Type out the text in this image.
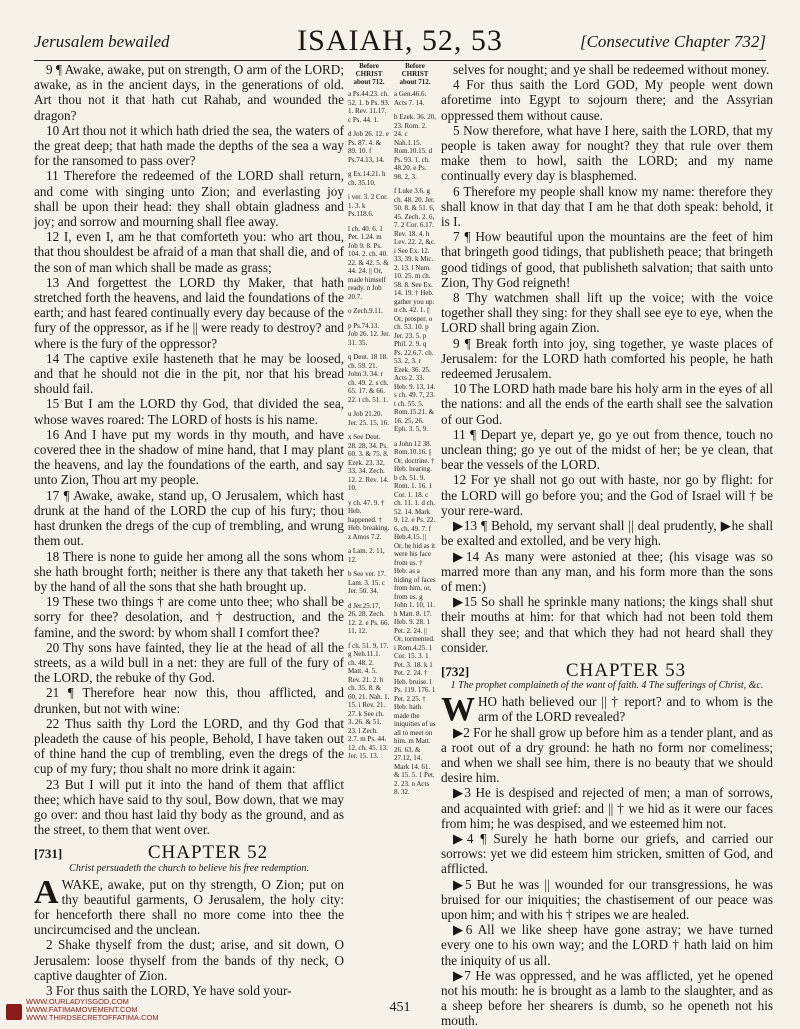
Jerusalem bewailed	ISAIAH, 52, 53	[Consecutive Chapter 732]

9 ¶ Awake, awake, put on strength, O arm of the LORD; awake, as in the ancient days, in the generations of old. Art thou not it that hath cut Rahab, and wounded the dragon?

10 Art thou not it which hath dried the sea, the waters of the great deep; that hath made the depths of the sea a way for the ransomed to pass over?

11 Therefore the redeemed of the LORD shall return, and come with singing unto Zion; and everlasting joy shall be upon their head: they shall obtain gladness and joy; and sorrow and mourning shall flee away.

12 I, even I, am he that comforteth you: who art thou, that thou shouldest be afraid of a man that shall die, and of the son of man which shall be made as grass;

13 And forgettest the LORD thy Maker, that hath stretched forth the heavens, and laid the foundations of the earth; and hast feared continually every day because of the fury of the oppressor, as if he || were ready to destroy? and where is the fury of the oppressor?

14 The captive exile hasteneth that he may be loosed, and that he should not die in the pit, nor that his bread should fail.

15 But I am the LORD thy God, that divided the sea, whose waves roared: The LORD of hosts is his name.

16 And I have put my words in thy mouth, and have covered thee in the shadow of mine hand, that I may plant the heavens, and lay the foundations of the earth, and say unto Zion, Thou art my people.

17 ¶ Awake, awake, stand up, O Jerusalem, which hast drunk at the hand of the LORD the cup of his fury; thou hast drunken the dregs of the cup of trembling, and wrung them out.

18 There is none to guide her among all the sons whom she hath brought forth; neither is there any that taketh her by the hand of all the sons that she hath brought up.

19 These two things † are come unto thee; who shall be sorry for thee? desolation, and † destruction, and the famine, and the sword: by whom shall I comfort thee?

20 Thy sons have fainted, they lie at the head of all the streets, as a wild bull in a net: they are full of the fury of the LORD, the rebuke of thy God.

21 ¶ Therefore hear now this, thou afflicted, and drunken, but not with wine:

22 Thus saith thy Lord the LORD, and thy God that pleadeth the cause of his people, Behold, I have taken out of thine hand the cup of trembling, even the dregs of the cup of my fury; thou shalt no more drink it again:

23 But I will put it into the hand of them that afflict thee; which have said to thy soul, Bow down, that we may go over: and thou hast laid thy body as the ground, and as the street, to them that went over.

[731]	CHAPTER 52

Christ persuadeth the church to believe his free redemption.

AWAKE, awake, put on thy strength, O Zion; put on thy beautiful garments, O Jerusalem, the holy city: for henceforth there shall no more come into thee the uncircumcised and the unclean.

2 Shake thyself from the dust; arise, and sit down, O Jerusalem: loose thyself from the bands of thy neck, O captive daughter of Zion.

3 For thus saith the LORD, Ye have sold your-

Before
CHRIST
about 712.

a Ps.44.23. ch. 52. 1. b Ps. 93. 1. Rev. 11.17. c Ps. 44. 1.

d Job 26. 12. e Ps. 87. 4. & 89. 10. f Ps.74.13, 14.

g Ex.14.21. h ch. 35.10.

i ver. 3. 2 Cor. 1. 3. k Ps.118.6.

l ch. 40. 6. 1 Pet. 1.24. m Job 9. 8. Ps. 104. 2. ch. 40. 22. & 42. 5. & 44. 24. || Or, made himself ready. n Job 20.7.

o Zech.9.11.

p Ps.74.13. Job 26. 12. Jer. 31. 35.

q Deut. 18 18. ch. 59. 21. John 3. 34. r ch. 49. 2. s ch. 65. 17. & 66. 22. t ch. 51. 1.

u Job 21.20. Jer. 25. 15, 16.

x See Deut. 28. 28, 34. Ps. 60. 3. & 75. 8. Ezek. 23. 32, 33, 34. Zech. 12. 2. Rev. 14. 10.

y ch. 47. 9. † Heb. happened. † Heb. breaking. z Amos 7.2.

a Lam. 2. 11, 12.

b See ver. 17. Lam. 3. 15. c Jer. 50. 34.

d Jer.25.17, 26, 28. Zech. 12. 2. e Ps. 66. 11, 12.

f ch. 51. 9, 17. g Neh.11.1. ch. 48. 2. Matt. 4. 5. Rev. 21. 2. h ch. 35. 8. & 60. 21. Nah. 1. 15. i Rev. 21. 27. k See ch. 3. 26. & 51. 23. l Zech. 2.7. m Ps. 44. 12. ch. 45. 13. Jer. 15. 13.

Before
CHRIST
about 712.

a Gen.46.6. Acts 7. 14.

b Ezek. 36. 20, 23. Rom. 2. 24. c Nah.1.15. Rom.10.15. d Ps. 93. 1. ch. 48.20. e Ps. 98. 2, 3.

f Luke 3.6. g ch. 48. 20. Jer. 50. 8. & 51. 6, 45. Zech. 2. 6, 7. 2 Cor. 6.17. Rev. 18. 4. h Lev. 22. 2, &c. i See Ex. 12. 33, 39. k Mic. 2. 13. l Num. 10. 25. m ch. 58. 8. See Ex. 14. 19. † Heb. gather you up. n ch. 42. 1. || Or, prosper. o ch. 53. 10. p Jer. 23. 5. p Phil. 2. 9. q Ps. 22.6,7. ch. 53. 2, 3. r Ezek. 36. 25. Acts 2. 33. Heb. 9. 13, 14. s ch. 49. 7, 23. t ch. 55. 5. Rom.15.21. & 16. 25, 26. Eph. 3. 5, 9.

a John 12 38. Rom.10.16. || Or, doctrine. † Heb. hearing. b ch. 51. 9. Rom. 1. 16. 1 Cor. 1. 18. c ch. 11. 1. d ch. 52. 14. Mark 9. 12. e Ps. 22. 6. ch. 49. 7. f Heb.4.15. || Or, he hid as it were his face from us. † Heb. as a hiding of faces from him, or, from us. g John 1. 10, 11. h Matt. 8. 17. Heb. 9. 28. 1 Pet. 2. 24. || Or, tormented. i Rom.4.25. 1 Cor. 15. 3. 1 Pet. 3. 18. k 1 Pet. 2. 24. † Heb. bruise. l Ps. 119. 176. 1 Pet. 2.25. † Heb. hath made the iniquities of us all to meet on him. m Matt. 26. 63. & 27.12, 14. Mark 14. 61. & 15. 5. 1 Pet. 2. 23. n Acts 8. 32.

selves for nought; and ye shall be redeemed without money.

4 For thus saith the Lord GOD, My people went down aforetime into Egypt to sojourn there; and the Assyrian oppressed them without cause.

5 Now therefore, what have I here, saith the LORD, that my people is taken away for nought? they that rule over them make them to howl, saith the LORD; and my name continually every day is blasphemed.

6 Therefore my people shall know my name: therefore they shall know in that day that I am he that doth speak: behold, it is I.

7 ¶ How beautiful upon the mountains are the feet of him that bringeth good tidings, that publisheth peace; that bringeth good tidings of good, that publisheth salvation; that saith unto Zion, Thy God reigneth!

8 Thy watchmen shall lift up the voice; with the voice together shall they sing: for they shall see eye to eye, when the LORD shall bring again Zion.

9 ¶ Break forth into joy, sing together, ye waste places of Jerusalem: for the LORD hath comforted his people, he hath redeemed Jerusalem.

10 The LORD hath made bare his holy arm in the eyes of all the nations: and all the ends of the earth shall see the salvation of our God.

11 ¶ Depart ye, depart ye, go ye out from thence, touch no unclean thing; go ye out of the midst of her; be ye clean, that bear the vessels of the LORD.

12 For ye shall not go out with haste, nor go by flight: for the LORD will go before you; and the God of Israel will † be your rere-ward.

▶13 ¶ Behold, my servant shall || deal prudently, ▶he shall be exalted and extolled, and be very high.

▶14 As many were astonied at thee; (his visage was so marred more than any man, and his form more than the sons of men:)

▶15 So shall he sprinkle many nations; the kings shall shut their mouths at him: for that which had not been told them shall they see; and that which they had not heard shall they consider.

[732]	CHAPTER 53

1 The prophet complaineth of the want of faith. 4 The sufferings of Christ, &c.

WHO hath believed our || † report? and to whom is the arm of the LORD revealed?

▶2 For he shall grow up before him as a tender plant, and as a root out of a dry ground: he hath no form nor comeliness; and when we shall see him, there is no beauty that we should desire him.

▶3 He is despised and rejected of men; a man of sorrows, and acquainted with grief: and || † we hid as it were our faces from him; he was despised, and we esteemed him not.

▶4 ¶ Surely he hath borne our griefs, and carried our sorrows: yet we did esteem him stricken, smitten of God, and afflicted.

▶5 But he was || wounded for our transgressions, he was bruised for our iniquities; the chastisement of our peace was upon him; and with his † stripes we are healed.

▶6 All we like sheep have gone astray; we have turned every one to his own way; and the LORD † hath laid on him the iniquity of us all.

▶7 He was oppressed, and he was afflicted, yet he opened not his mouth: he is brought as a lamb to the slaughter, and as a sheep before her shearers is dumb, so he openeth not his mouth.

WWW.OURLADYISGOD.COM
WWW.FATIMAMOVEMENT.COM
WWW.THIRDSECRETOFFATIMA.COM
451
